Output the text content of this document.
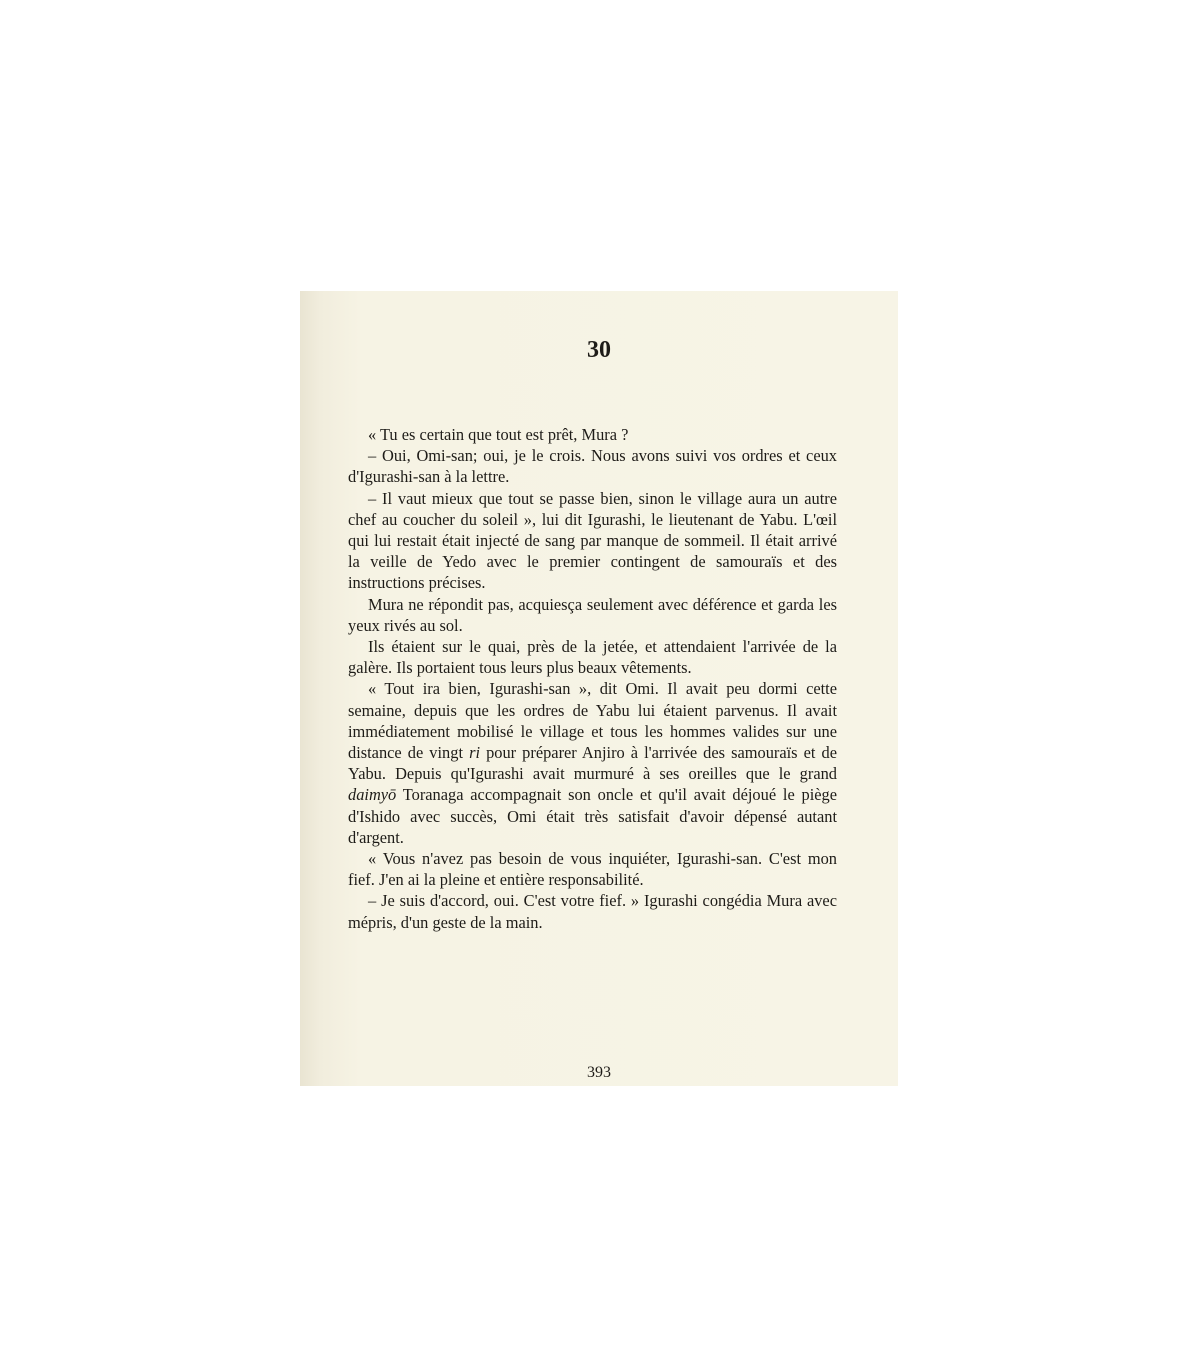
30

« Tu es certain que tout est prêt, Mura ?

– Oui, Omi-san; oui, je le crois. Nous avons suivi vos ordres et ceux d'Igurashi-san à la lettre.

– Il vaut mieux que tout se passe bien, sinon le village aura un autre chef au coucher du soleil », lui dit Igurashi, le lieutenant de Yabu. L'œil qui lui restait était injecté de sang par manque de sommeil. Il était arrivé la veille de Yedo avec le premier contingent de samouraïs et des instructions précises.

Mura ne répondit pas, acquiesça seulement avec déférence et garda les yeux rivés au sol.

Ils étaient sur le quai, près de la jetée, et attendaient l'arrivée de la galère. Ils portaient tous leurs plus beaux vêtements.

« Tout ira bien, Igurashi-san », dit Omi. Il avait peu dormi cette semaine, depuis que les ordres de Yabu lui étaient parvenus. Il avait immédiatement mobilisé le village et tous les hommes valides sur une distance de vingt ri pour préparer Anjiro à l'arrivée des samouraïs et de Yabu. Depuis qu'Igurashi avait murmuré à ses oreilles que le grand daimyō Toranaga accompagnait son oncle et qu'il avait déjoué le piège d'Ishido avec succès, Omi était très satisfait d'avoir dépensé autant d'argent.

« Vous n'avez pas besoin de vous inquiéter, Igurashi-san. C'est mon fief. J'en ai la pleine et entière responsabilité.

– Je suis d'accord, oui. C'est votre fief. » Igurashi congédia Mura avec mépris, d'un geste de la main.

393
